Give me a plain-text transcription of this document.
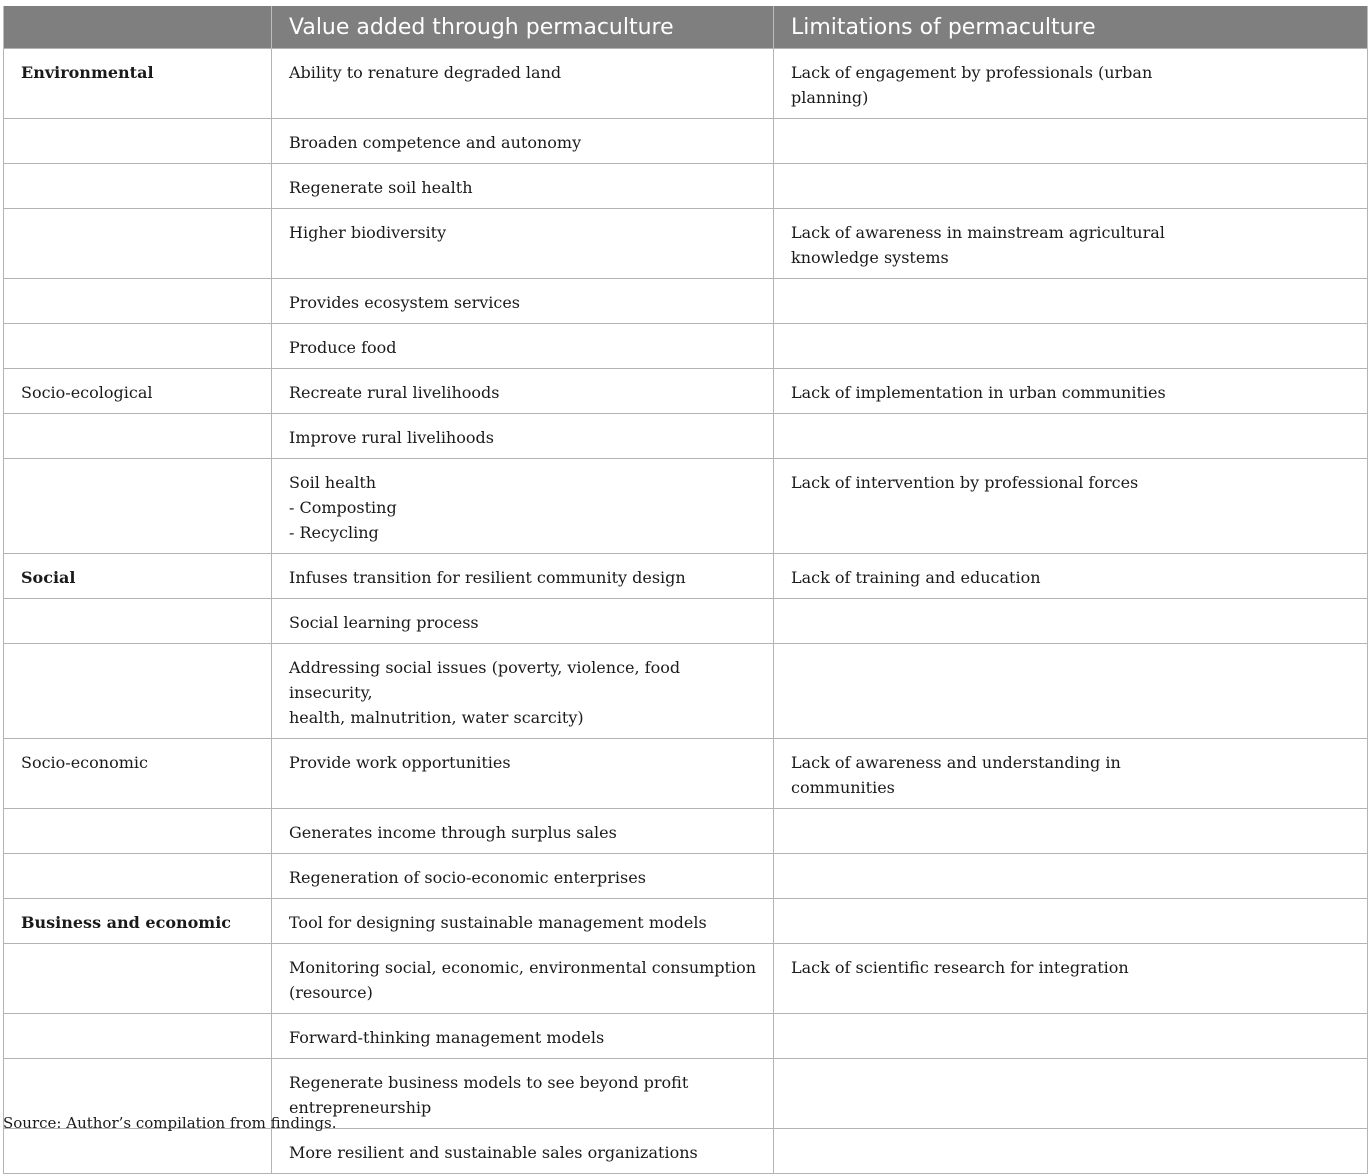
	Value added through permaculture	Limitations of permaculture
Environmental	Ability to renature degraded land	Lack of engagement by professionals (urban
planning)
	Broaden competence and autonomy	
	Regenerate soil health	
	Higher biodiversity	Lack of awareness in mainstream agricultural
knowledge systems
	Provides ecosystem services	
	Produce food	
Socio-ecological	Recreate rural livelihoods	Lack of implementation in urban communities
	Improve rural livelihoods	
	Soil health
- Composting
- Recycling	Lack of intervention by professional forces
Social	Infuses transition for resilient community design	Lack of training and education
	Social learning process	
	Addressing social issues (poverty, violence, food insecurity,
health, malnutrition, water scarcity)	
Socio-economic	Provide work opportunities	Lack of awareness and understanding in
communities
	Generates income through surplus sales	
	Regeneration of socio-economic enterprises	
Business and economic	Tool for designing sustainable management models	
	Monitoring social, economic, environmental consumption
(resource)	Lack of scientific research for integration
	Forward-thinking management models	
	Regenerate business models to see beyond profit
entrepreneurship	
	More resilient and sustainable sales organizations	
Source: Author’s compilation from findings.
